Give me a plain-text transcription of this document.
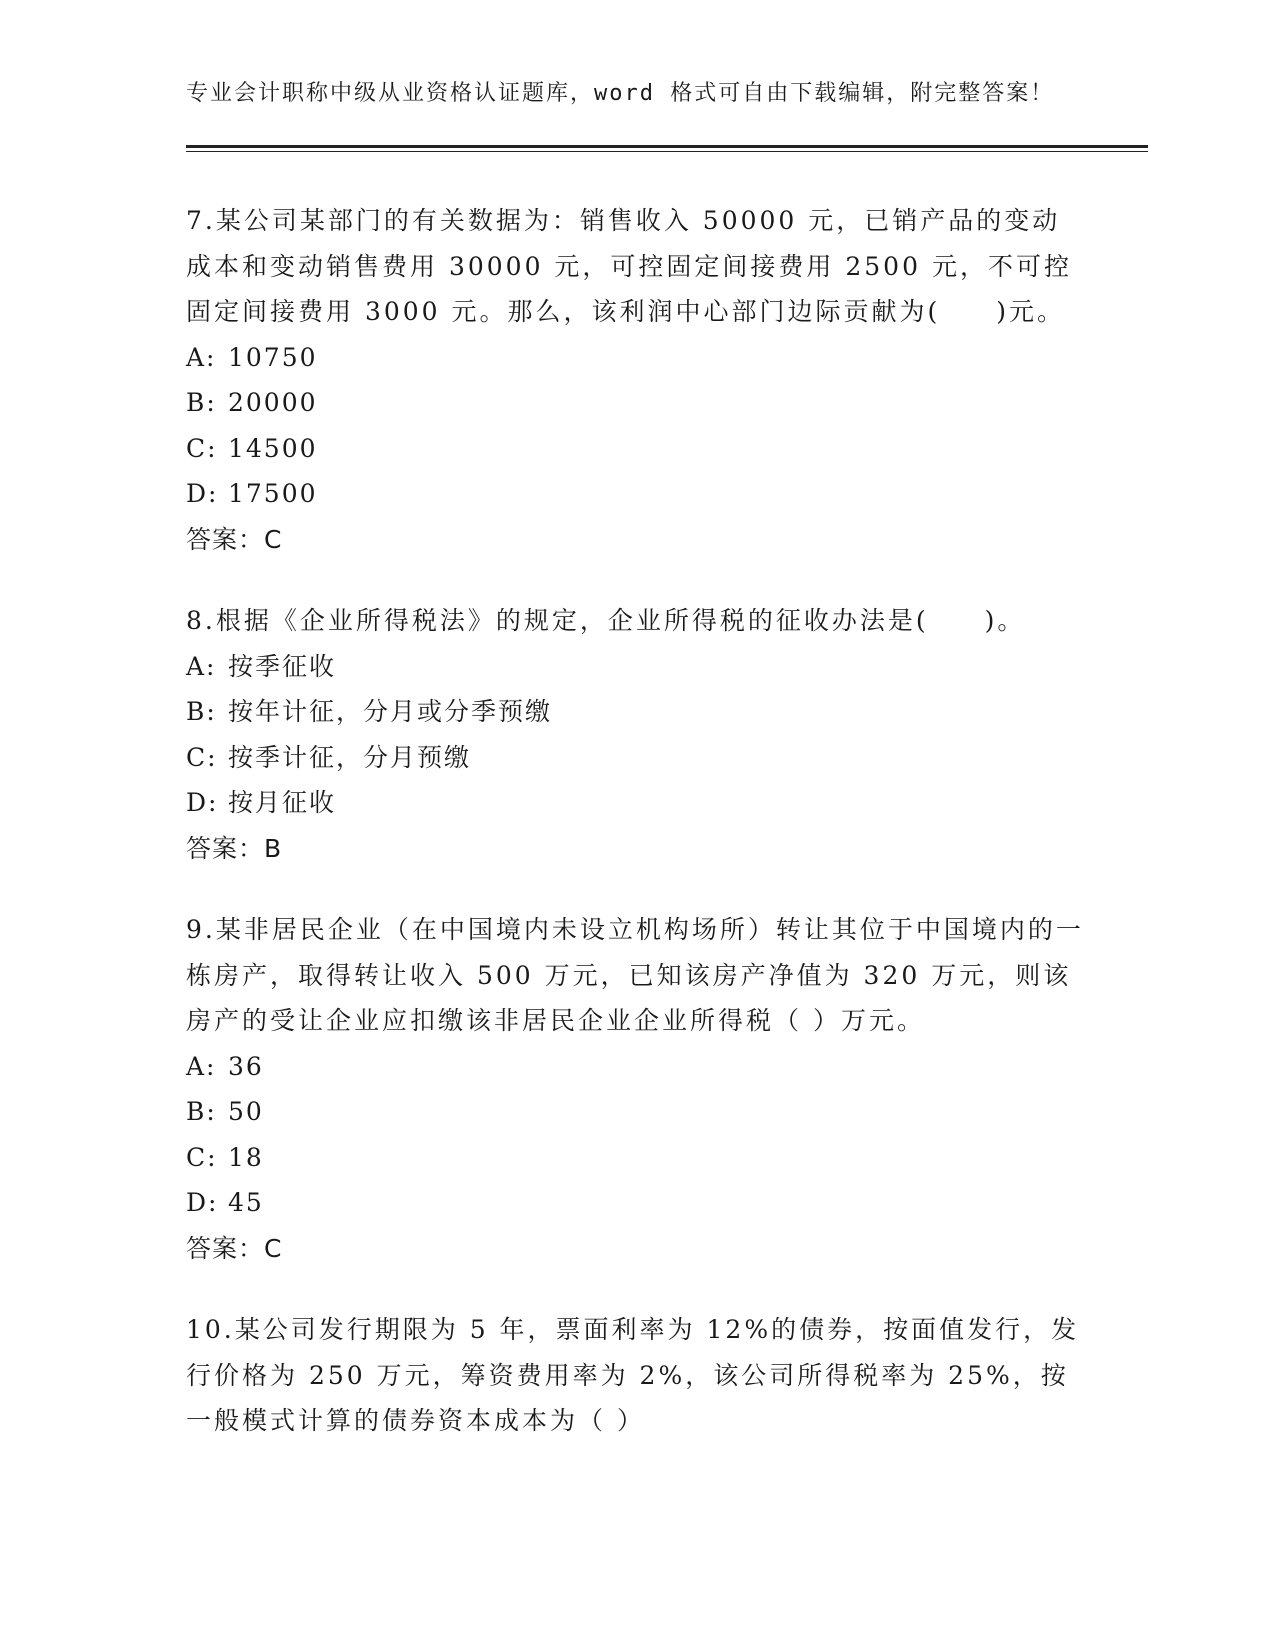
专业会计职称中级从业资格认证题库，word 格式可自由下载编辑，附完整答案！

7.某公司某部门的有关数据为：销售收入 50000 元，已销产品的变动成本和变动销售费用 30000 元，可控固定间接费用 2500 元，不可控固定间接费用 3000 元。那么，该利润中心部门边际贡献为(　　)元。

A: 10750

B: 20000

C: 14500

D: 17500

答案：C

8.根据《企业所得税法》的规定，企业所得税的征收办法是(　　)。

A: 按季征收

B: 按年计征，分月或分季预缴

C: 按季计征，分月预缴

D: 按月征收

答案：B

9.某非居民企业（在中国境内未设立机构场所）转让其位于中国境内的一栋房产，取得转让收入 500 万元，已知该房产净值为 320 万元，则该房产的受让企业应扣缴该非居民企业企业所得税（ ）万元。

A: 36

B: 50

C: 18

D: 45

答案：C

10.某公司发行期限为 5 年，票面利率为 12%的债券，按面值发行，发行价格为 250 万元，筹资费用率为 2%，该公司所得税率为 25%，按一般模式计算的债券资本成本为（ ）
